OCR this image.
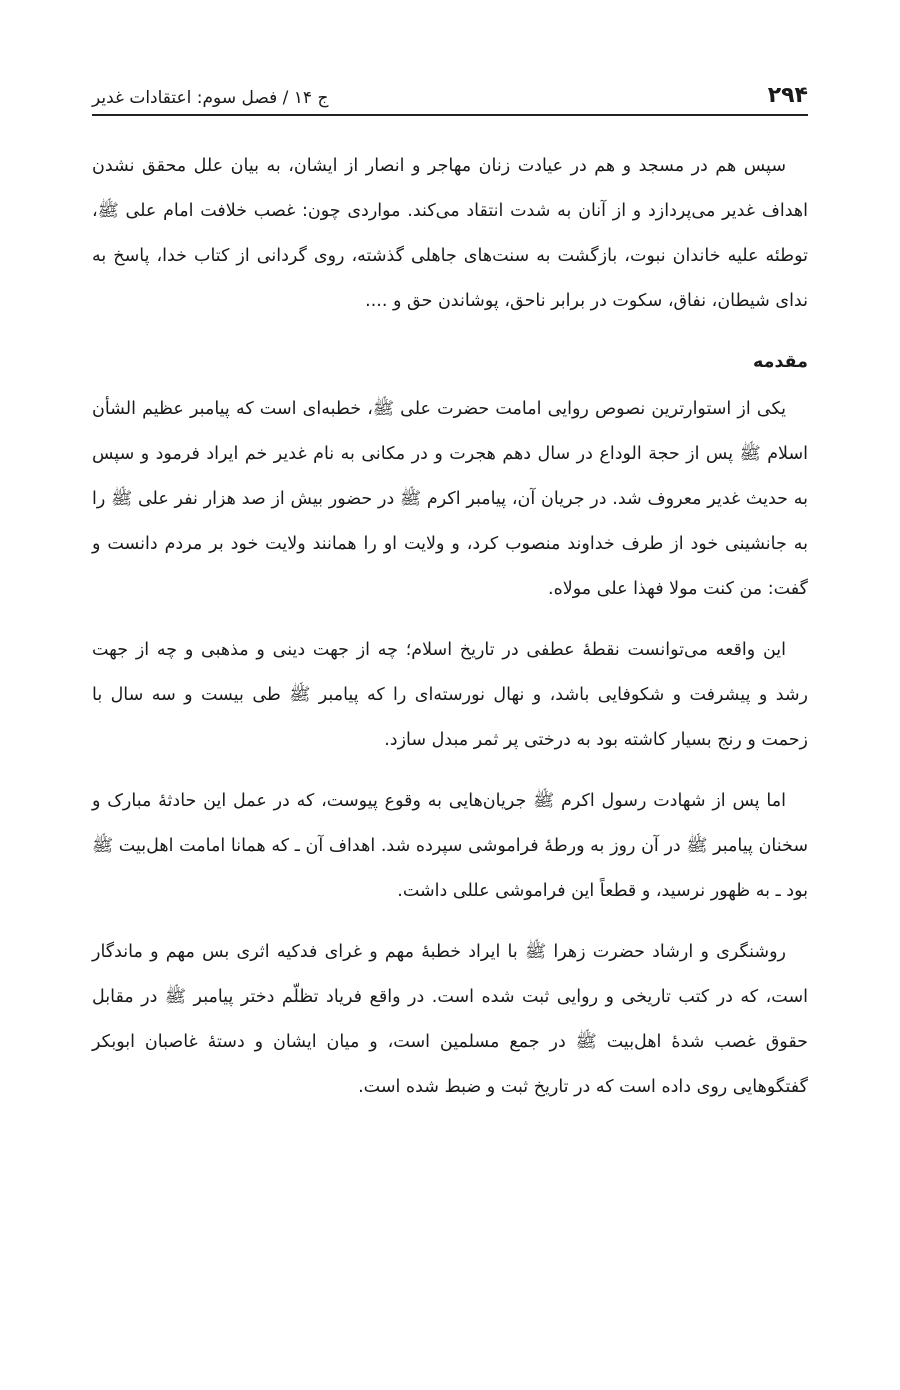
۲۹۴
ج ۱۴ / فصل سوم: اعتقادات غدیر

سپس هم در مسجد و هم در عیادت زنان مهاجر و انصار از ایشان، به بیان علل محقق نشدن اهداف غدیر می‌پردازد و از آنان به شدت انتقاد می‌کند. مواردی چون: غصب خلافت امام علی ﷺ، توطئه علیه خاندان نبوت، بازگشت به سنت‌های جاهلی گذشته، روی گردانی از کتاب خدا، پاسخ به ندای شیطان، نفاق، سکوت در برابر ناحق، پوشاندن حق و ....

مقدمه

یکی از استوارترین نصوص روایی امامت حضرت علی ﷺ، خطبه‌ای است که پیامبر عظیم الشأن اسلام ﷺ پس از حجة الوداع در سال دهم هجرت و در مکانی به نام غدیر خم ایراد فرمود و سپس به حدیث غدیر معروف شد. در جریان آن، پیامبر اکرم ﷺ در حضور بیش از صد هزار نفر علی ﷺ را به جانشینی خود از طرف خداوند منصوب کرد، و ولایت او را همانند ولایت خود بر مردم دانست و گفت: من کنت مولا فهذا علی مولاه.

این واقعه می‌توانست نقطهٔ عطفی در تاریخ اسلام؛ چه از جهت دینی و مذهبی و چه از جهت رشد و پیشرفت و شکوفایی باشد، و نهال نورسته‌ای را که پیامبر ﷺ طی بیست و سه سال با زحمت و رنج بسیار کاشته بود به درختی پر ثمر مبدل سازد.

اما پس از شهادت رسول اکرم ﷺ جریان‌هایی به وقوع پیوست، که در عمل این حادثهٔ مبارک و سخنان پیامبر ﷺ در آن روز به ورطهٔ فراموشی سپرده شد. اهداف آن ـ که همانا امامت اهل‌بیت ﷺ بود ـ به ظهور نرسید، و قطعاً این فراموشی عللی داشت.

روشنگری و ارشاد حضرت زهرا ﷺ با ایراد خطبهٔ مهم و غرای فدکیه اثری بس مهم و ماندگار است، که در کتب تاریخی و روایی ثبت شده است. در واقع فریاد تظلّم دختر پیامبر ﷺ در مقابل حقوق غصب شدهٔ اهل‌بیت ﷺ در جمع مسلمین است، و میان ایشان و دستهٔ غاصبان ابوبکر گفتگوهایی روی داده است که در تاریخ ثبت و ضبط شده است.
